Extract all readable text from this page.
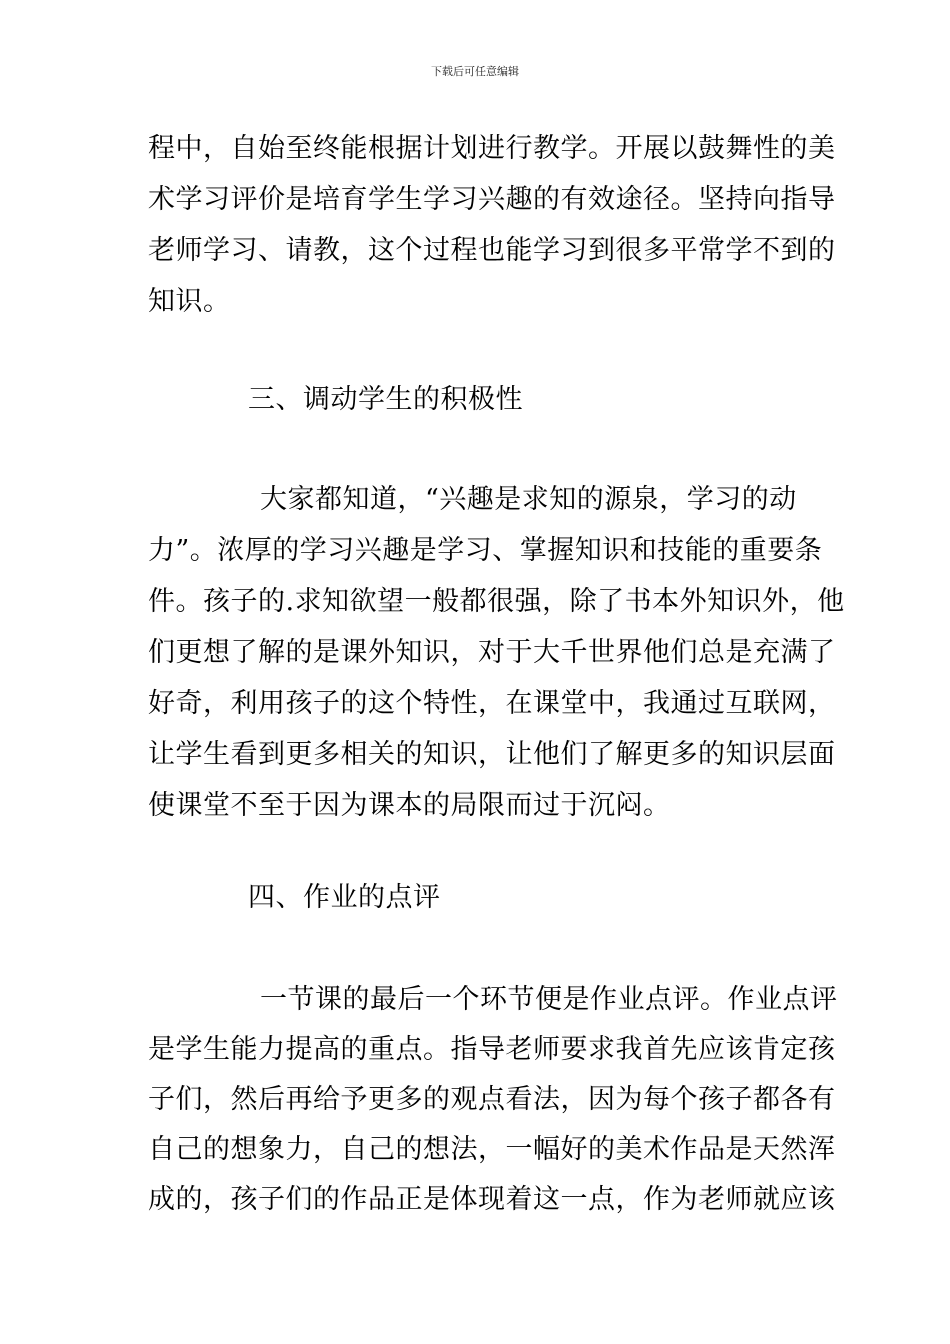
下载后可任意编辑
程中，自始至终能根据计划进行教学。开展以鼓舞性的美
术学习评价是培育学生学习兴趣的有效途径。坚持向指导
老师学习、请教，这个过程也能学习到很多平常学不到的
知识。
三、调动学生的积极性
大家都知道，“兴趣是求知的源泉，学习的动
力”。浓厚的学习兴趣是学习、掌握知识和技能的重要条
件。孩子的.求知欲望一般都很强，除了书本外知识外，他
们更想了解的是课外知识，对于大千世界他们总是充满了
好奇，利用孩子的这个特性，在课堂中，我通过互联网，
让学生看到更多相关的知识，让他们了解更多的知识层面
使课堂不至于因为课本的局限而过于沉闷。
四、作业的点评
一节课的最后一个环节便是作业点评。作业点评
是学生能力提高的重点。指导老师要求我首先应该肯定孩
子们，然后再给予更多的观点看法，因为每个孩子都各有
自己的想象力，自己的想法，一幅好的美术作品是天然浑
成的，孩子们的作品正是体现着这一点，作为老师就应该
